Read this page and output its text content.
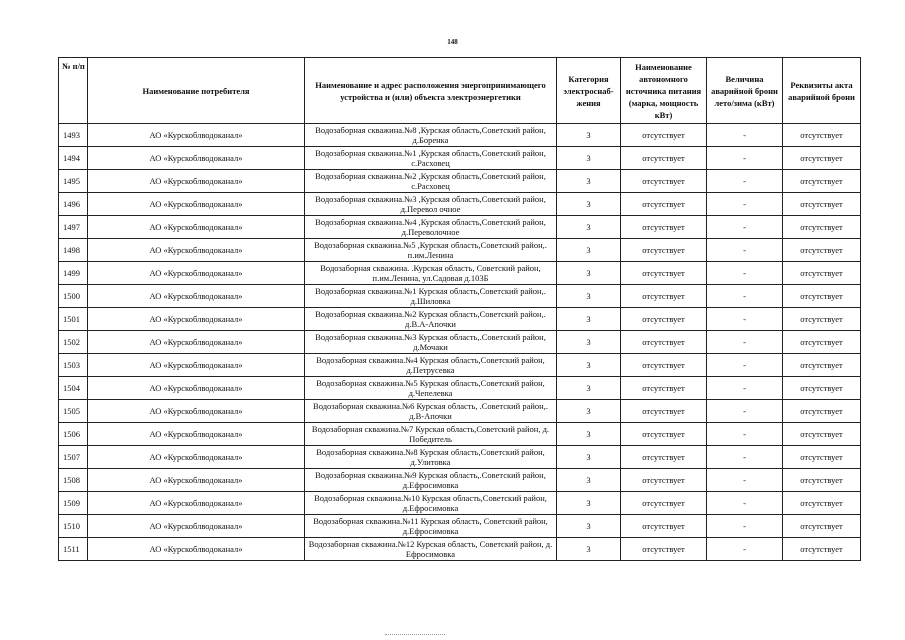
148
№ п/п	Наименование потребителя	Наименование и адрес расположения энергопринимающего устройства и (или) объекта электроэнергетики	Категория электроснаб-жения	Наименование автономного источника питания (марка, мощность кВт)	Величина аварийной брони лето/зима (кВт)	Реквизиты акта аварийной брони
1493	АО «Курскоблводоканал»	Водозаборная скважина.№8 ,Курская область,Советский район, д.Боренка	3	отсутствует	-	отсутствует
1494	АО «Курскоблводоканал»	Водозаборная скважина.№1 ,Курская область,Советский район, с.Расховец	3	отсутствует	-	отсутствует
1495	АО «Курскоблводоканал»	Водозаборная скважина.№2 ,Курская область,Советский район, с.Расховец	3	отсутствует	-	отсутствует
1496	АО «Курскоблводоканал»	Водозаборная скважина.№3 ,Курская область,Советский район, д.Перевол очное	3	отсутствует	-	отсутствует
1497	АО «Курскоблводоканал»	Водозаборная скважина.№4 ,Курская область,Советский район, д.Переволочное	3	отсутствует	-	отсутствует
1498	АО «Курскоблводоканал»	Водозаборная скважина.№5 ,Курская область,Советский район,. п.им.Ленина	3	отсутствует	-	отсутствует
1499	АО «Курскоблводоканал»	Водозаборная скважина. .Курская область, Советский район, п.им.Ленина, ул.Садовая д.103Б	3	отсутствует	-	отсутствует
1500	АО «Курскоблводоканал»	Водозаборная скважина.№1 Курская область,Советский район,. д.Шиловка	3	отсутствует	-	отсутствует
1501	АО «Курскоблводоканал»	Водозаборная скважина.№2 Курская область,Советский район,. д.В.А-Апочки	3	отсутствует	-	отсутствует
1502	АО «Курскоблводоканал»	Водозаборная скважина.№3 Курская область,.Советский район, д.Мочаки	3	отсутствует	-	отсутствует
1503	АО «Курскоблводоканал»	Водозаборная скважина.№4 Курская область,Советский район, д.Петрусевка	3	отсутствует	-	отсутствует
1504	АО «Курскоблводоканал»	Водозаборная скважина.№5 Курская область,Советский район, д.Чепелевка	3	отсутствует	-	отсутствует
1505	АО «Курскоблводоканал»	Водозаборная скважина.№6 Курская область, .Советский район,. д.В-Апочки	3	отсутствует	-	отсутствует
1506	АО «Курскоблводоканал»	Водозаборная скважина.№7 Курская область,Советский район, д. Победитель	3	отсутствует	-	отсутствует
1507	АО «Курскоблводоканал»	Водозаборная скважина.№8 Курская область,Советский район, д.Улитовка	3	отсутствует	-	отсутствует
1508	АО «Курскоблводоканал»	Водозаборная скважина.№9 Курская область,.Советский район, д.Ефросимовка	3	отсутствует	-	отсутствует
1509	АО «Курскоблводоканал»	Водозаборная скважина.№10 Курская область,Советский район, д.Ефросимовка	3	отсутствует	-	отсутствует
1510	АО «Курскоблводоканал»	Водозаборная скважина.№11 Курская область, Советский район, д.Ефросимовка	3	отсутствует	-	отсутствует
1511	АО «Курскоблводоканал»	Водозаборная скважина.№12 Курская область, Советский район, д. Ефросимовка	3	отсутствует	-	отсутствует
